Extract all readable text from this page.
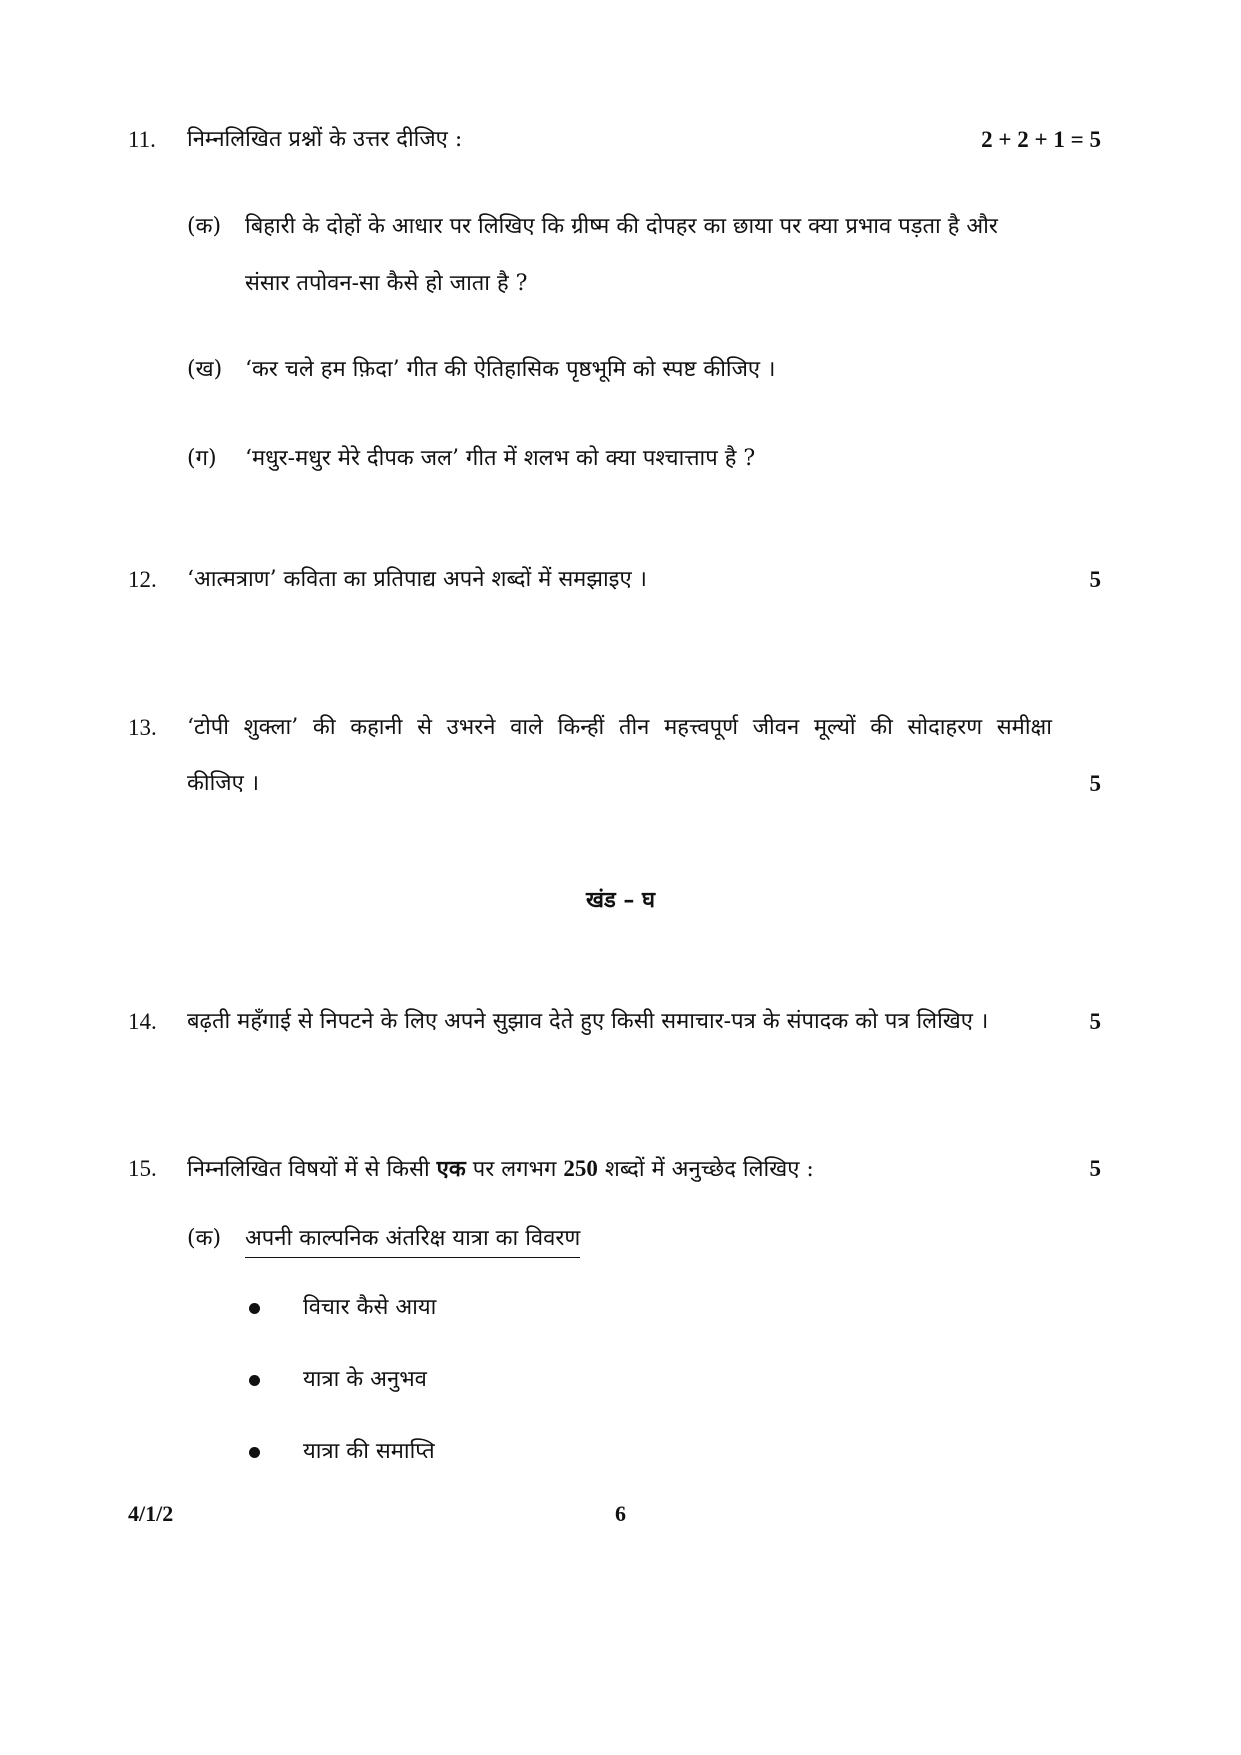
11. निम्नलिखित प्रश्नों के उत्तर दीजिए :	2 + 2 + 1 = 5
(क) बिहारी के दोहों के आधार पर लिखिए कि ग्रीष्म की दोपहर का छाया पर क्या प्रभाव पड़ता है और
संसार तपोवन-सा कैसे हो जाता है ?
(ख) ‘कर चले हम फ़िदा’ गीत की ऐतिहासिक पृष्ठभूमि को स्पष्ट कीजिए ।
(ग) ‘मधुर-मधुर मेरे दीपक जल’ गीत में शलभ को क्या पश्चात्ताप है ?
12. ‘आत्मत्राण’ कविता का प्रतिपाद्य अपने शब्दों में समझाइए ।	5
13. ‘टोपी शुक्ला’ की कहानी से उभरने वाले किन्हीं तीन महत्त्वपूर्ण जीवन मूल्यों की सोदाहरण समीक्षा
कीजिए ।	5
खंड – घ
14. बढ़ती महँगाई से निपटने के लिए अपने सुझाव देते हुए किसी समाचार-पत्र के संपादक को पत्र लिखिए ।	5
15. निम्नलिखित विषयों में से किसी एक पर लगभग 250 शब्दों में अनुच्छेद लिखिए :	5
(क) अपनी काल्पनिक अंतरिक्ष यात्रा का विवरण
विचार कैसे आया
यात्रा के अनुभव
यात्रा की समाप्ति
4/1/2	6
